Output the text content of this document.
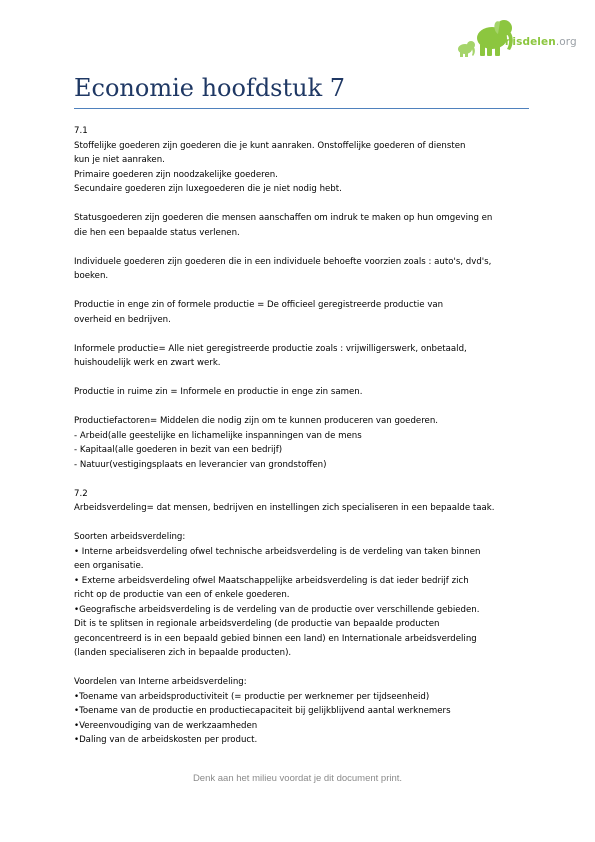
Kennisdelen.org
Economie hoofdstuk 7
7.1
Stoffelijke goederen zijn goederen die je kunt aanraken. Onstoffelijke goederen of diensten
kun je niet aanraken.
Primaire goederen zijn noodzakelijke goederen.
Secundaire goederen zijn luxegoederen die je niet nodig hebt.
Statusgoederen zijn goederen die mensen aanschaffen om indruk te maken op hun omgeving en
die hen een bepaalde status verlenen.
Individuele goederen zijn goederen die in een individuele behoefte voorzien zoals : auto's, dvd's,
boeken.
Productie in enge zin of formele productie = De officieel geregistreerde productie van
overheid en bedrijven.
Informele productie= Alle niet geregistreerde productie zoals : vrijwilligerswerk, onbetaald,
huishoudelijk werk en zwart werk.
Productie in ruime zin = Informele en productie in enge zin samen.
Productiefactoren= Middelen die nodig zijn om te kunnen produceren van goederen.
- Arbeid(alle geestelijke en lichamelijke inspanningen van de mens
- Kapitaal(alle goederen in bezit van een bedrijf)
- Natuur(vestigingsplaats en leverancier van grondstoffen)
7.2
Arbeidsverdeling= dat mensen, bedrijven en instellingen zich specialiseren in een bepaalde taak.
Soorten arbeidsverdeling:
• Interne arbeidsverdeling ofwel technische arbeidsverdeling is de verdeling van taken binnen
een organisatie.
• Externe arbeidsverdeling ofwel Maatschappelijke arbeidsverdeling is dat ieder bedrijf zich
richt op de productie van een of enkele goederen.
•Geografische arbeidsverdeling is de verdeling van de productie over verschillende gebieden.
Dit is te splitsen in regionale arbeidsverdeling (de productie van bepaalde producten
geconcentreerd is in een bepaald gebied binnen een land) en Internationale arbeidsverdeling
(landen specialiseren zich in bepaalde producten).
Voordelen van Interne arbeidsverdeling:
•Toename van arbeidsproductiviteit (= productie per werknemer per tijdseenheid)
•Toename van de productie en productiecapaciteit bij gelijkblijvend aantal werknemers
•Vereenvoudiging van de werkzaamheden
•Daling van de arbeidskosten per product.
Denk aan het milieu voordat je dit document print.
